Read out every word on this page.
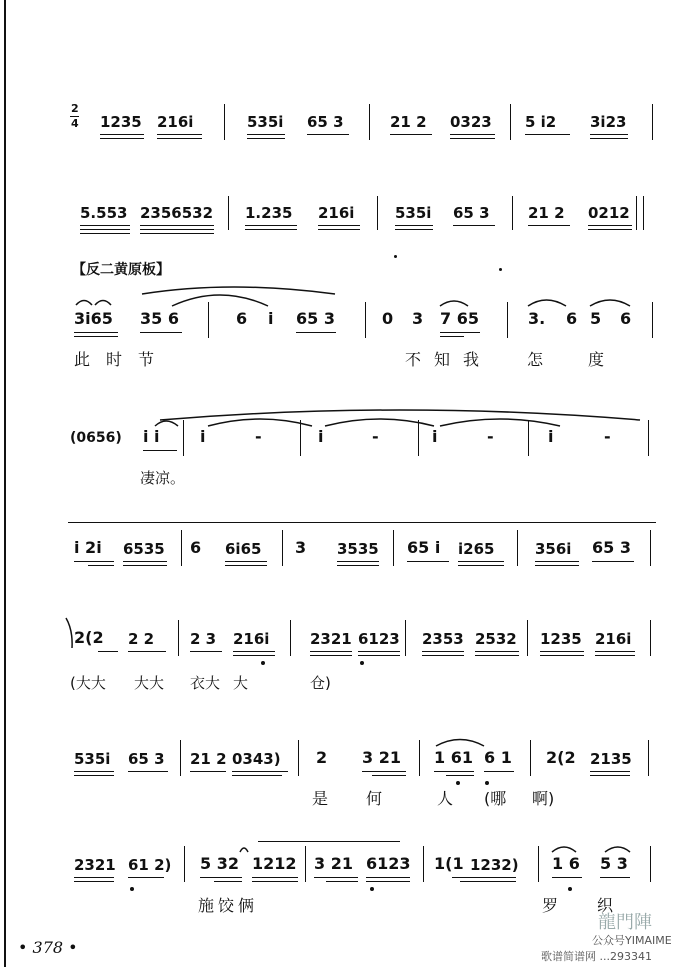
2
4 1235 216i	535i 65 3	21 2 0323 5 i2 3i23
5.553 2356532 1.235 216i	535i 65 3	21 2 0212
【反二黄原板】
3i65 35 6	6 i 65 3	0 3 7 65	3. 6 5 6
此时节	不知我 怎	度
(0656) i i	i	-	i	-	i	-	i	-
凄凉。
i 2i 6535 6 6i65 3 3535 65 i i265	356i 65 3
2(2 2 2 2 3 216i	2321 6123 2353 2532 1235 216i
(大大 大大 衣大 大	仓)
535i 65 3 21 2 0343) 2 3 21 1 61 6 1 2(2 2135
是 何	人 (哪 啊)
2321 61 2) 5 32 1212 3 21 6123 1(1 1232) 1 6 5 3
施饺俩	罗 织
• 378 •
龍門陣
公众号YIMAIME
歌谱简谱网 ...293341
